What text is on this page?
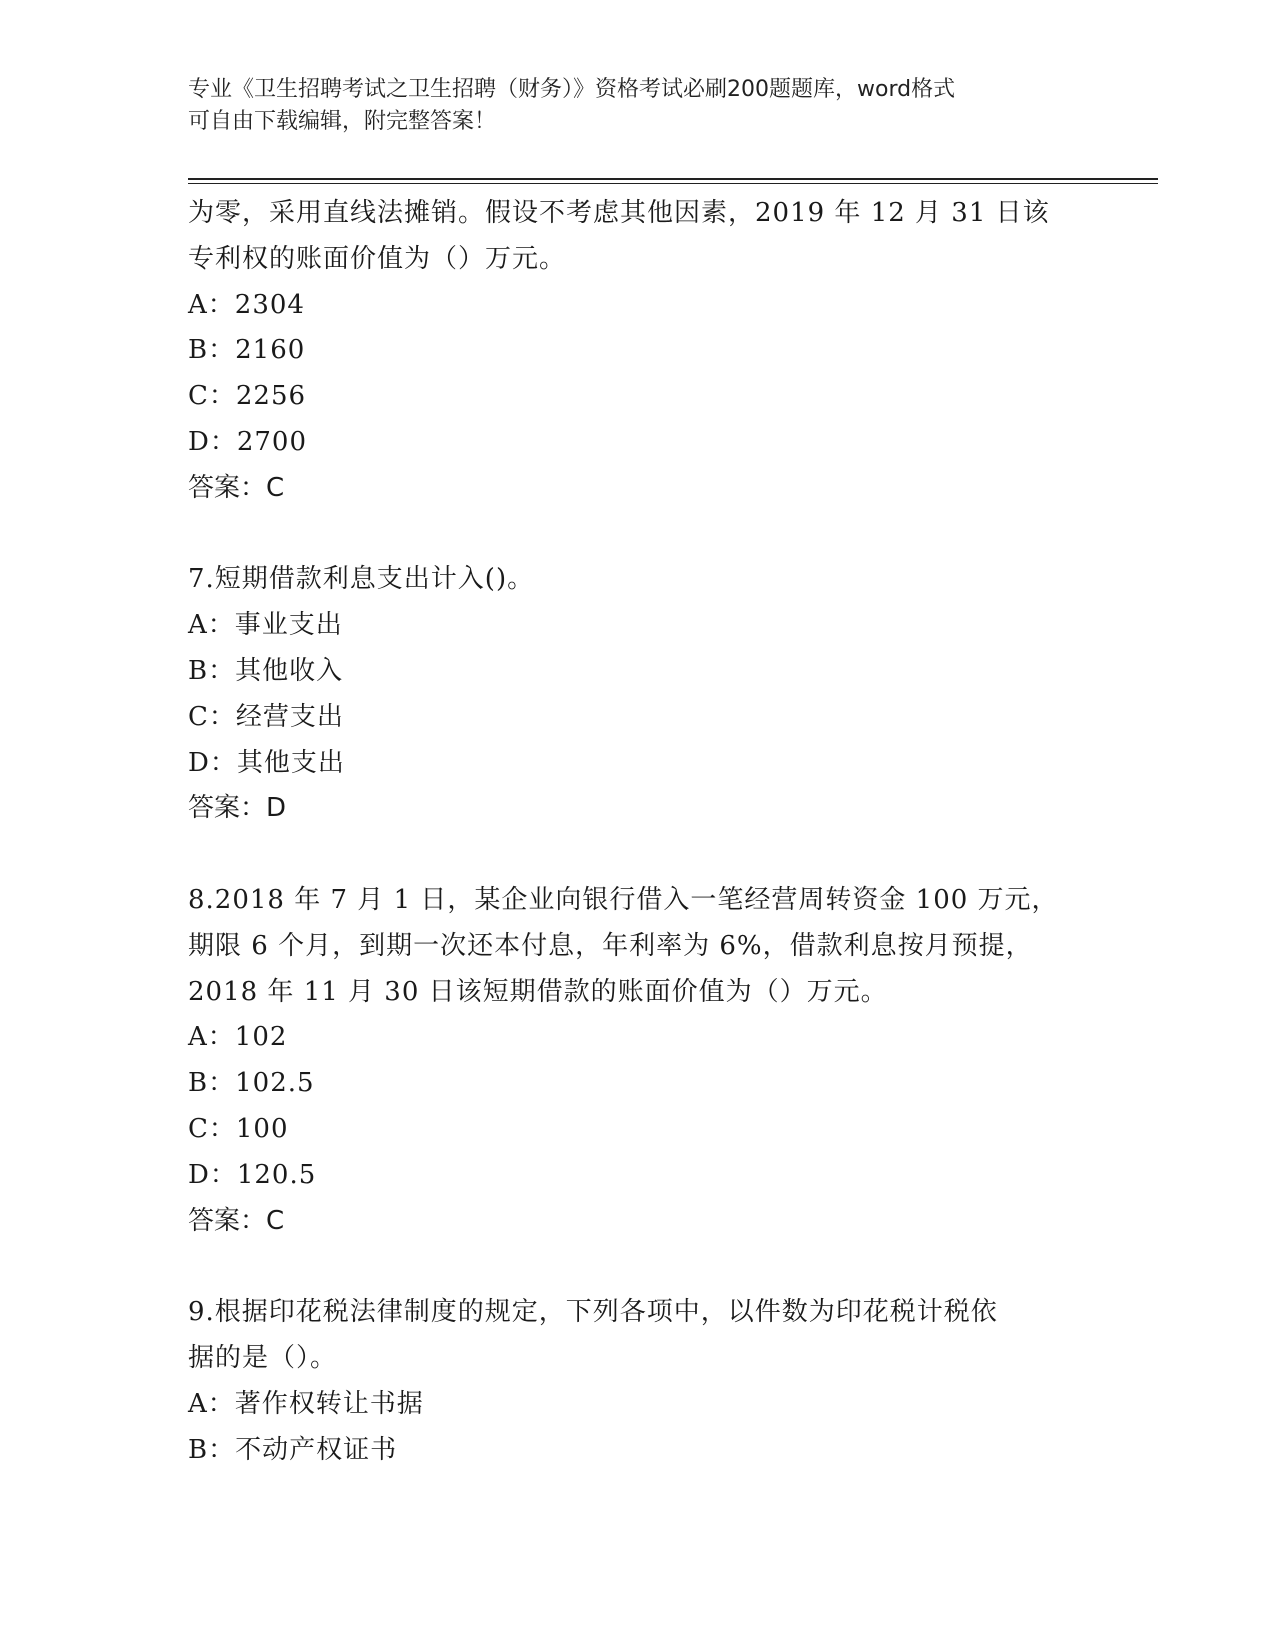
专业《卫生招聘考试之卫生招聘（财务）》资格考试必刷200题题库，word格式
可自由下载编辑，附完整答案！
为零，采用直线法摊销。假设不考虑其他因素，2019 年 12 月 31 日该
专利权的账面价值为（）万元。
A：2304
B：2160
C：2256
D：2700
答案：C
7.短期借款利息支出计入()。
A：事业支出
B：其他收入
C：经营支出
D：其他支出
答案：D
8.2018 年 7 月 1 日，某企业向银行借入一笔经营周转资金 100 万元，
期限 6 个月，到期一次还本付息，年利率为 6%，借款利息按月预提，
2018 年 11 月 30 日该短期借款的账面价值为（）万元。
A：102
B：102.5
C：100
D：120.5
答案：C
9.根据印花税法律制度的规定，下列各项中，以件数为印花税计税依
据的是（）。
A：著作权转让书据
B：不动产权证书
